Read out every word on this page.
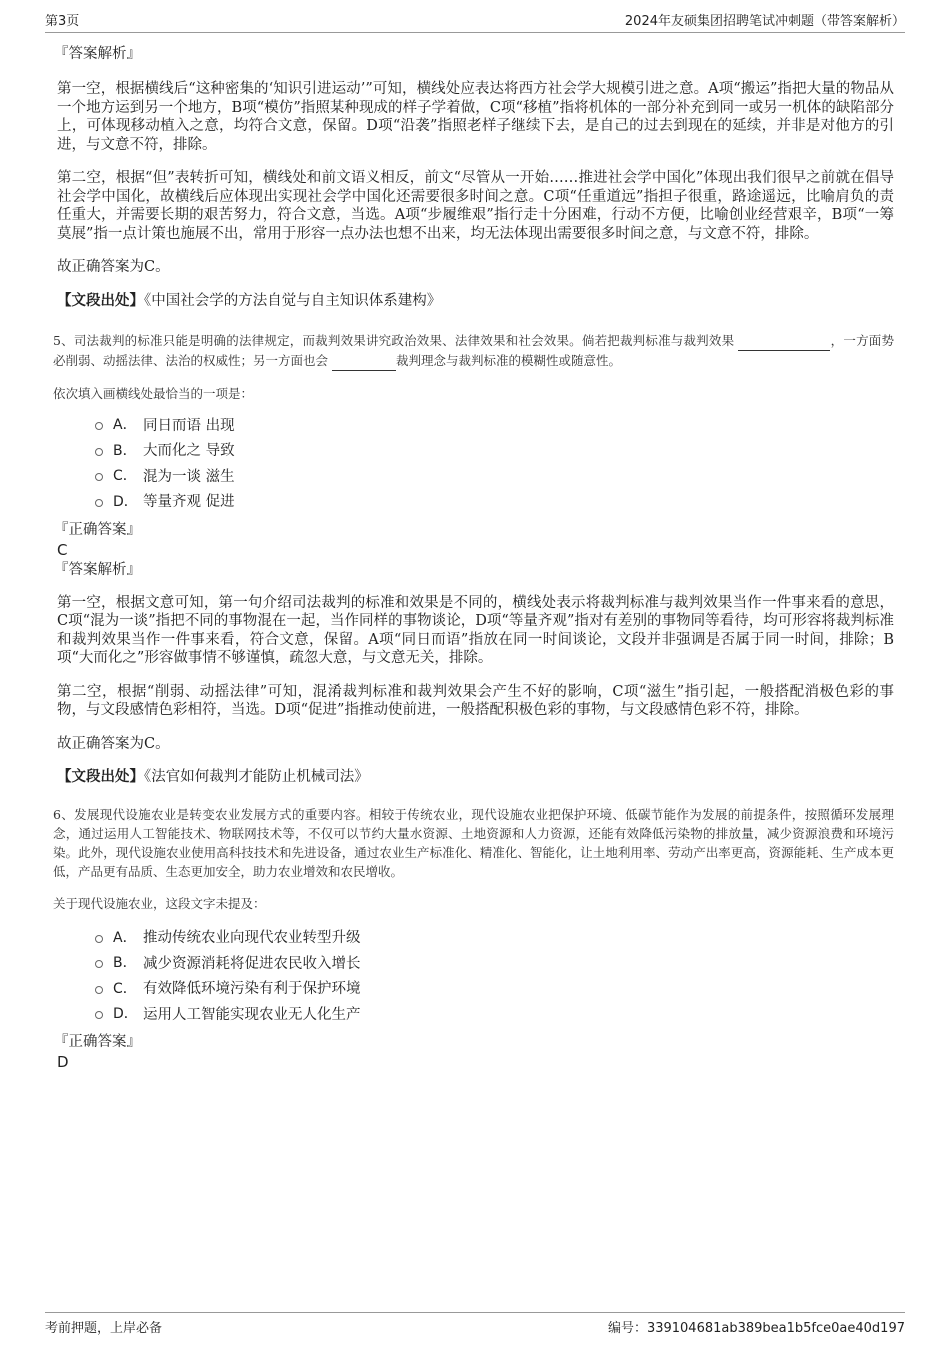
第3页	2024年友硕集团招聘笔试冲刺题（带答案解析）

『答案解析』

第一空，根据横线后“这种密集的‘知识引进运动’”可知，横线处应表达将西方社会学大规模引进之意。A项“搬运”指把大量的物品从一个地方运到另一个地方，B项“模仿”指照某种现成的样子学着做，C项“移植”指将机体的一部分补充到同一或另一机体的缺陷部分上，可体现移动植入之意，均符合文意，保留。D项“沿袭”指照老样子继续下去，是自己的过去到现在的延续，并非是对他方的引进，与文意不符，排除。

第二空，根据“但”表转折可知，横线处和前文语义相反，前文“尽管从一开始……推进社会学中国化”体现出我们很早之前就在倡导社会学中国化，故横线后应体现出实现社会学中国化还需要很多时间之意。C项“任重道远”指担子很重，路途遥远，比喻肩负的责任重大，并需要长期的艰苦努力，符合文意，当选。A项“步履维艰”指行走十分困难，行动不方便，比喻创业经营艰辛，B项“一筹莫展”指一点计策也施展不出，常用于形容一点办法也想不出来，均无法体现出需要很多时间之意，与文意不符，排除。

故正确答案为C。

【文段出处】《中国社会学的方法自觉与自主知识体系建构》

5、司法裁判的标准只能是明确的法律规定，而裁判效果讲究政治效果、法律效果和社会效果。倘若把裁判标准与裁判效果	，一方面势必削弱、动摇法律、法治的权威性；另一方面也会	裁判理念与裁判标准的模糊性或随意性。

依次填入画横线处最恰当的一项是：

A． 同日而语 出现
B． 大而化之 导致
C． 混为一谈 滋生
D． 等量齐观 促进

『正确答案』

C

『答案解析』

第一空，根据文意可知，第一句介绍司法裁判的标准和效果是不同的，横线处表示将裁判标准与裁判效果当作一件事来看的意思，C项“混为一谈”指把不同的事物混在一起，当作同样的事物谈论，D项“等量齐观”指对有差别的事物同等看待，均可形容将裁判标准和裁判效果当作一件事来看，符合文意，保留。A项“同日而语”指放在同一时间谈论，文段并非强调是否属于同一时间，排除；B项“大而化之”形容做事情不够谨慎，疏忽大意，与文意无关，排除。

第二空，根据“削弱、动摇法律”可知，混淆裁判标准和裁判效果会产生不好的影响，C项“滋生”指引起，一般搭配消极色彩的事物，与文段感情色彩相符，当选。D项“促进”指推动使前进，一般搭配积极色彩的事物，与文段感情色彩不符，排除。

故正确答案为C。

【文段出处】《法官如何裁判才能防止机械司法》

6、发展现代设施农业是转变农业发展方式的重要内容。相较于传统农业，现代设施农业把保护环境、低碳节能作为发展的前提条件，按照循环发展理念，通过运用人工智能技术、物联网技术等，不仅可以节约大量水资源、土地资源和人力资源，还能有效降低污染物的排放量，减少资源浪费和环境污染。此外，现代设施农业使用高科技技术和先进设备，通过农业生产标准化、精准化、智能化，让土地利用率、劳动产出率更高，资源能耗、生产成本更低，产品更有品质、生态更加安全，助力农业增效和农民增收。

关于现代设施农业，这段文字未提及：

A． 推动传统农业向现代农业转型升级
B． 减少资源消耗将促进农民收入增长
C． 有效降低环境污染有利于保护环境
D． 运用人工智能实现农业无人化生产

『正确答案』

D

考前押题，上岸必备	编号：339104681ab389bea1b5fce0ae40d197
